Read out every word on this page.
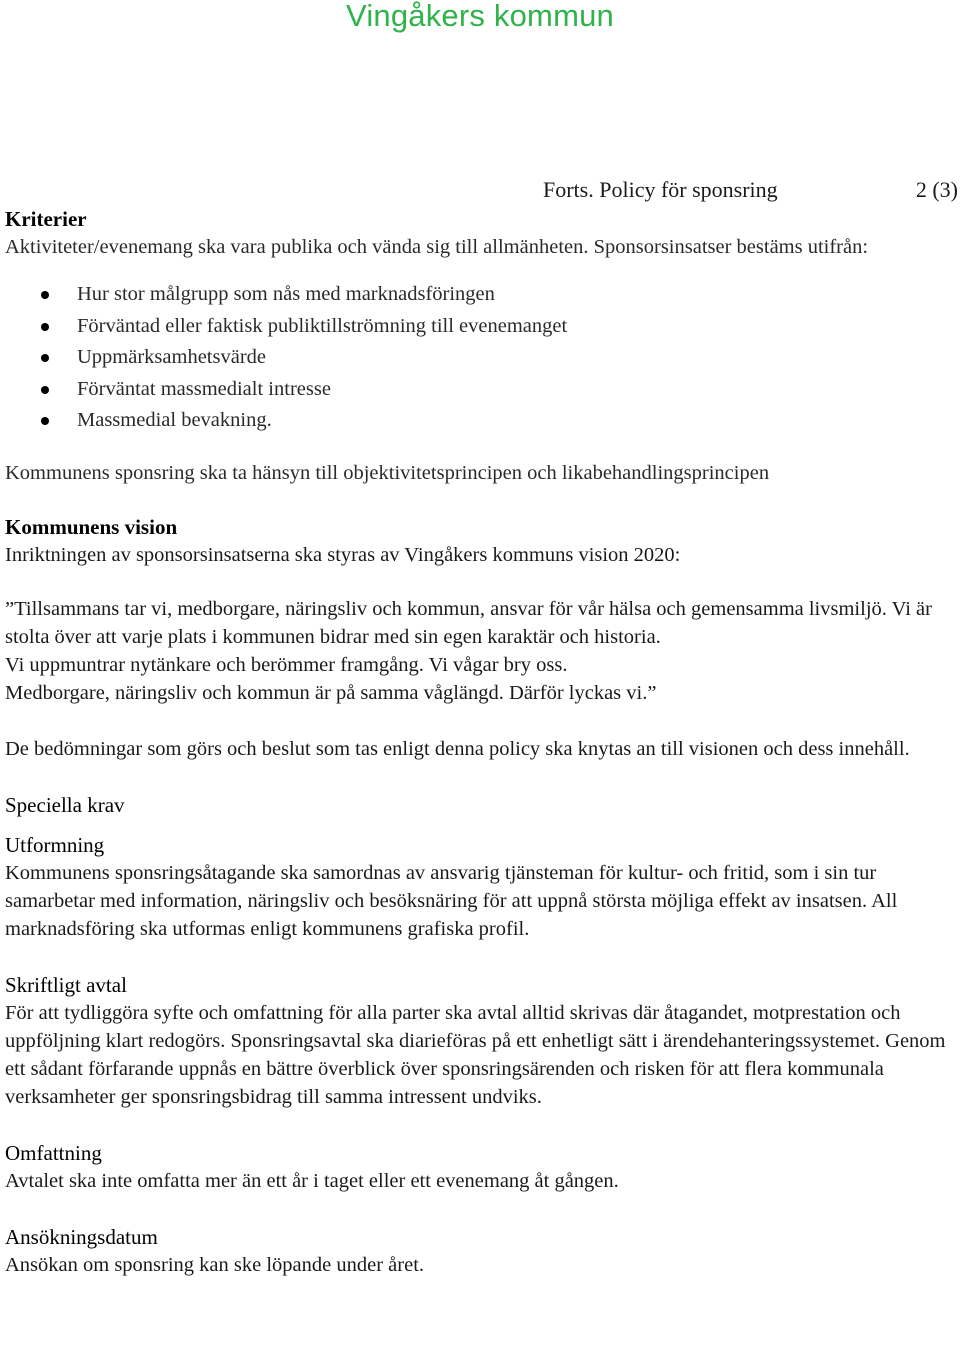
Vingåkers kommun
Forts. Policy för sponsring	2 (3)

Kriterier

Aktiviteter/evenemang ska vara publika och vända sig till allmänheten. Sponsorsinsatser bestäms utifrån:

Hur stor målgrupp som nås med marknadsföringen
Förväntad eller faktisk publiktillströmning till evenemanget
Uppmärksamhetsvärde
Förväntat massmedialt intresse
Massmedial bevakning.

Kommunens sponsring ska ta hänsyn till objektivitetsprincipen och likabehandlingsprincipen

Kommunens vision

Inriktningen av sponsorsinsatserna ska styras av Vingåkers kommuns vision 2020:

”Tillsammans tar vi, medborgare, näringsliv och kommun, ansvar för vår hälsa och gemensamma livsmiljö. Vi är stolta över att varje plats i kommunen bidrar med sin egen karaktär och historia.

Vi uppmuntrar nytänkare och berömmer framgång. Vi vågar bry oss.

Medborgare, näringsliv och kommun är på samma våglängd. Därför lyckas vi.”

De bedömningar som görs och beslut som tas enligt denna policy ska knytas an till visionen och dess innehåll.

Speciella krav

Utformning

Kommunens sponsringsåtagande ska samordnas av ansvarig tjänsteman för kultur- och fritid, som i sin tur samarbetar med information, näringsliv och besöksnäring för att uppnå största möjliga effekt av insatsen. All marknadsföring ska utformas enligt kommunens grafiska profil.

Skriftligt avtal

För att tydliggöra syfte och omfattning för alla parter ska avtal alltid skrivas där åtagandet, motprestation och uppföljning klart redogörs. Sponsringsavtal ska diarieföras på ett enhetligt sätt i ärendehanteringssystemet. Genom ett sådant förfarande uppnås en bättre överblick över sponsringsärenden och risken för att flera kommunala verksamheter ger sponsringsbidrag till samma intressent undviks.

Omfattning

Avtalet ska inte omfatta mer än ett år i taget eller ett evenemang åt gången.

Ansökningsdatum

Ansökan om sponsring kan ske löpande under året.
